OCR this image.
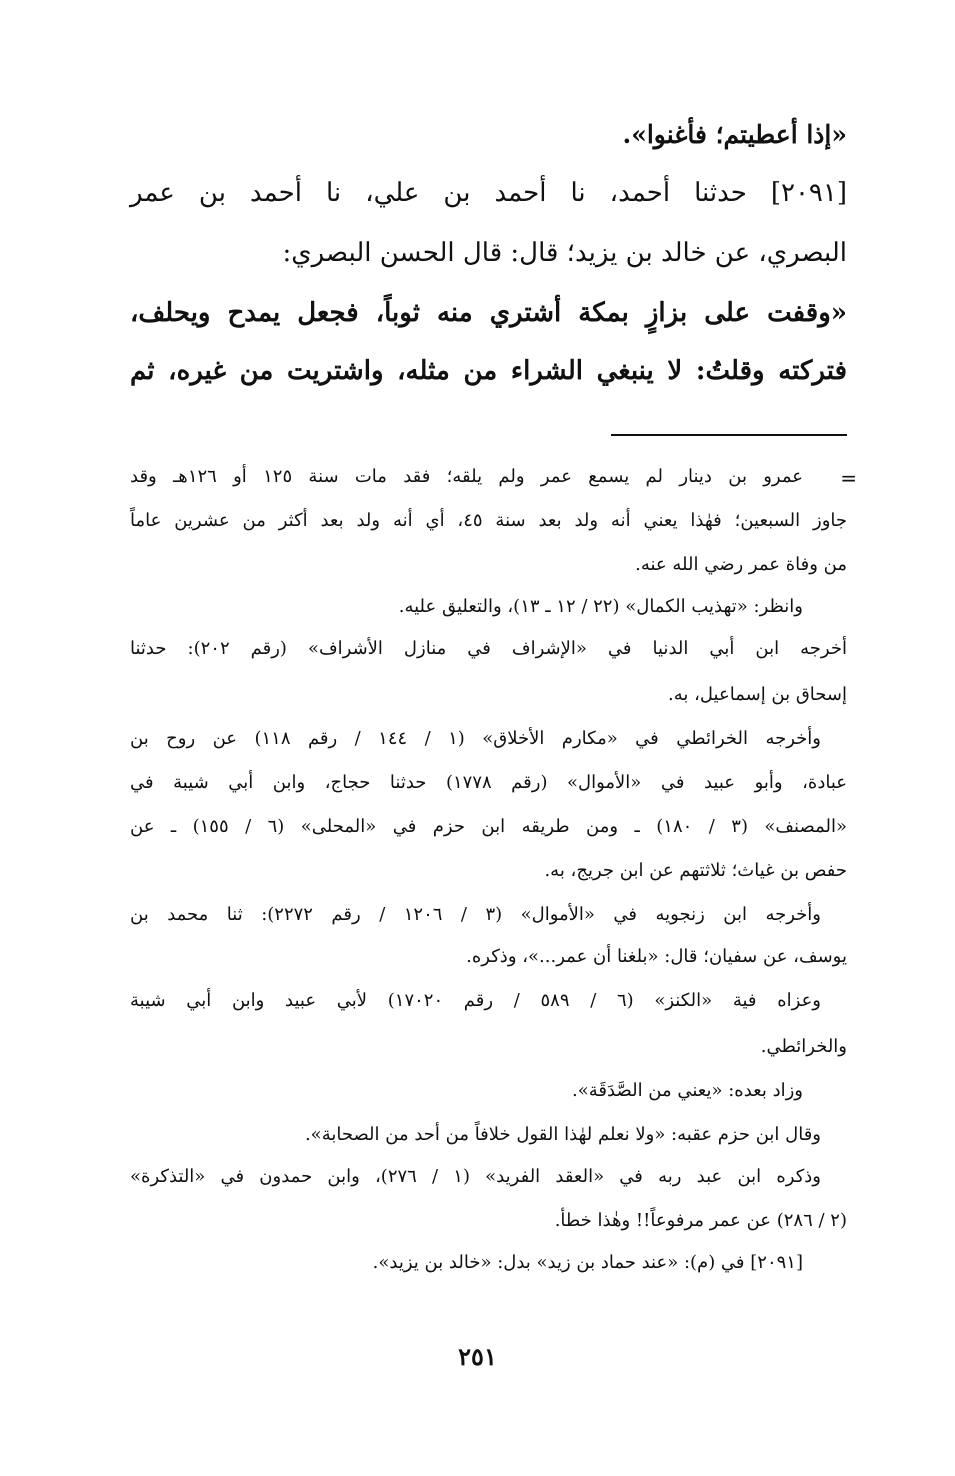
«إذا أعطيتم؛ فأغنوا».

[٢٠٩١] حدثنا أحمد، نا أحمد بن علي، نا أحمد بن عمر

البصري، عن خالد بن يزيد؛ قال: قال الحسن البصري:

«وقفت على بزازٍ بمكة أشتري منه ثوباً، فجعل يمدح ويحلف،

فتركته وقلتُ: لا ينبغي الشراء من مثله، واشتريت من غيره، ثم

=

عمرو بن دينار لم يسمع عمر ولم يلقه؛ فقد مات سنة ١٢٥ أو ١٢٦هـ وقد

جاوز السبعين؛ فهٰذا يعني أنه ولد بعد سنة ٤٥، أي أنه ولد بعد أكثر من عشرين عاماً

من وفاة عمر رضي الله عنه.

وانظر: «تهذيب الكمال» (٢٢ / ١٢ ـ ١٣)، والتعليق عليه.

أخرجه ابن أبي الدنيا في «الإشراف في منازل الأشراف» (رقم ٢٠٢): حدثنا

إسحاق بن إسماعيل، به.

وأخرجه الخرائطي في «مكارم الأخلاق» (١ / ١٤٤ / رقم ١١٨) عن روح بن

عبادة، وأبو عبيد في «الأموال» (رقم ١٧٧٨) حدثنا حجاج، وابن أبي شيبة في

«المصنف» (٣ / ١٨٠) ـ ومن طريقه ابن حزم في «المحلى» (٦ / ١٥٥) ـ عن

حفص بن غياث؛ ثلاثتهم عن ابن جريج، به.

وأخرجه ابن زنجويه في «الأموال» (٣ / ١٢٠٦ / رقم ٢٢٧٢): ثنا محمد بن

يوسف، عن سفيان؛ قال: «بلغنا أن عمر...»، وذكره.

وعزاه فية «الكنز» (٦ / ٥٨٩ / رقم ١٧٠٢٠) لأبي عبيد وابن أبي شيبة

والخرائطي.

وزاد بعده: «يعني من الصَّدَقَة».

وقال ابن حزم عقبه: «ولا نعلم لهٰذا القول خلافاً من أحد من الصحابة».

وذكره ابن عبد ربه في «العقد الفريد» (١ / ٢٧٦)، وابن حمدون في «التذكرة»

(٢ / ٢٨٦) عن عمر مرفوعاً!! وهٰذا خطأ.

[٢٠٩١] في (م): «عند حماد بن زيد» بدل: «خالد بن يزيد».

٢٥١
